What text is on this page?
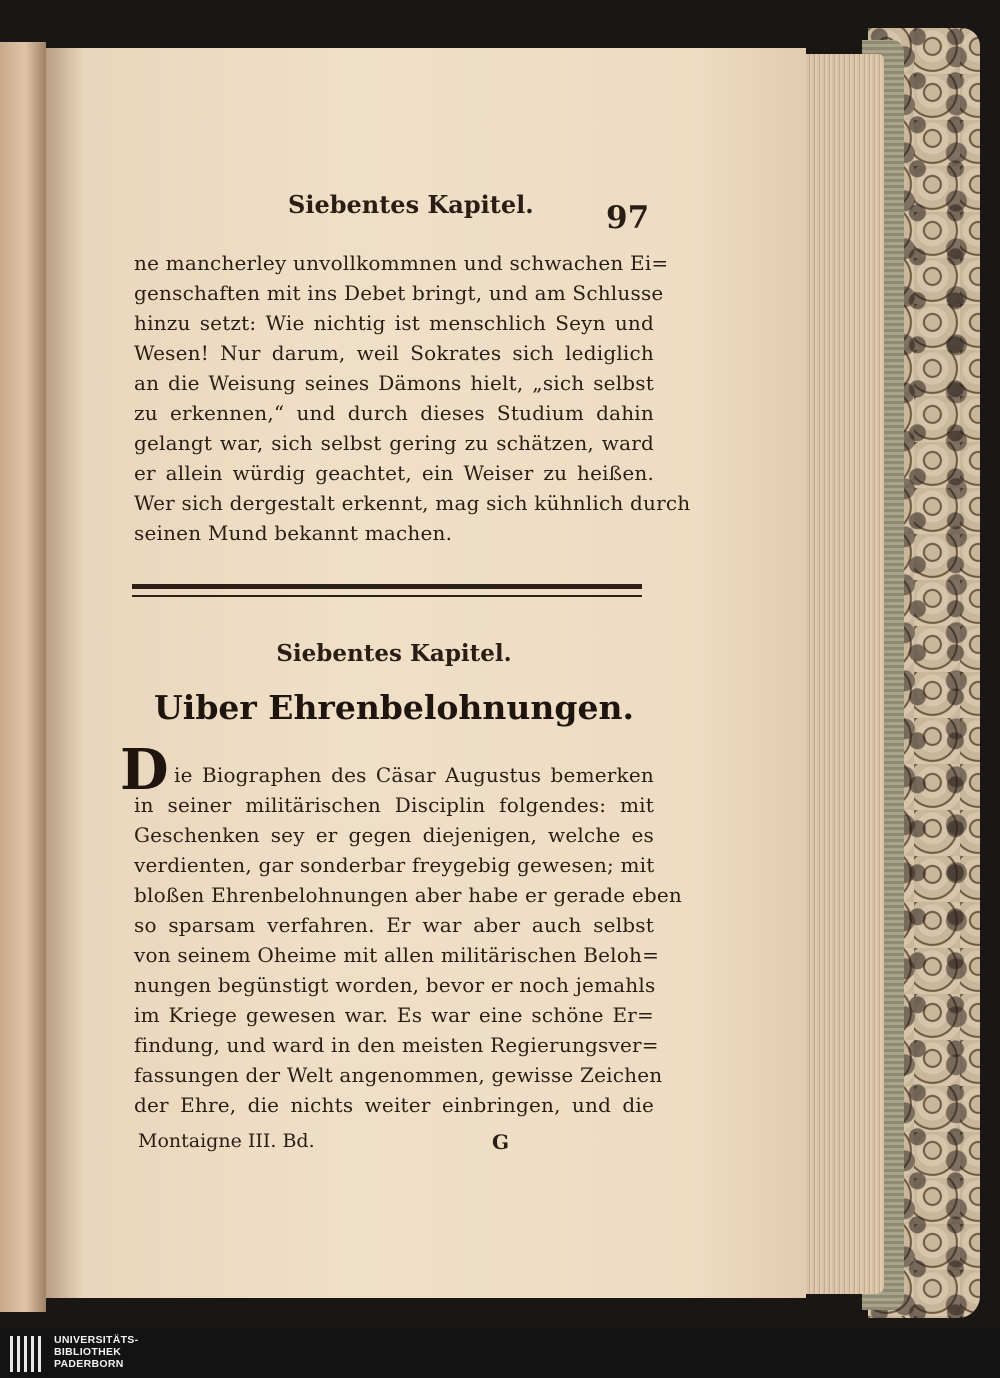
Siebentes Kapitel. 97
ne mancherley unvollkommnen und schwachen Ei=
genschaften mit ins Debet bringt, und am Schlusse
hinzu setzt: Wie nichtig ist menschlich Seyn und
Wesen! Nur darum, weil Sokrates sich lediglich
an die Weisung seines Dämons hielt, „sich selbst
zu erkennen,“ und durch dieses Studium dahin
gelangt war, sich selbst gering zu schätzen, ward
er allein würdig geachtet, ein Weiser zu heißen.
Wer sich dergestalt erkennt, mag sich kühnlich durch
seinen Mund bekannt machen.
Siebentes Kapitel.
Uiber Ehrenbelohnungen.
D ie Biographen des Cäsar Augustus bemerken
in seiner militärischen Disciplin folgendes: mit
Geschenken sey er gegen diejenigen, welche es
verdienten, gar sonderbar freygebig gewesen; mit
bloßen Ehrenbelohnungen aber habe er gerade eben
so sparsam verfahren. Er war aber auch selbst
von seinem Oheime mit allen militärischen Beloh=
nungen begünstigt worden, bevor er noch jemahls
im Kriege gewesen war. Es war eine schöne Er=
findung, und ward in den meisten Regierungsver=
fassungen der Welt angenommen, gewisse Zeichen
der Ehre, die nichts weiter einbringen, und die
Montaigne III. Bd.	G
UNIVERSITÄTS-
BIBLIOTHEK
PADERBORN
